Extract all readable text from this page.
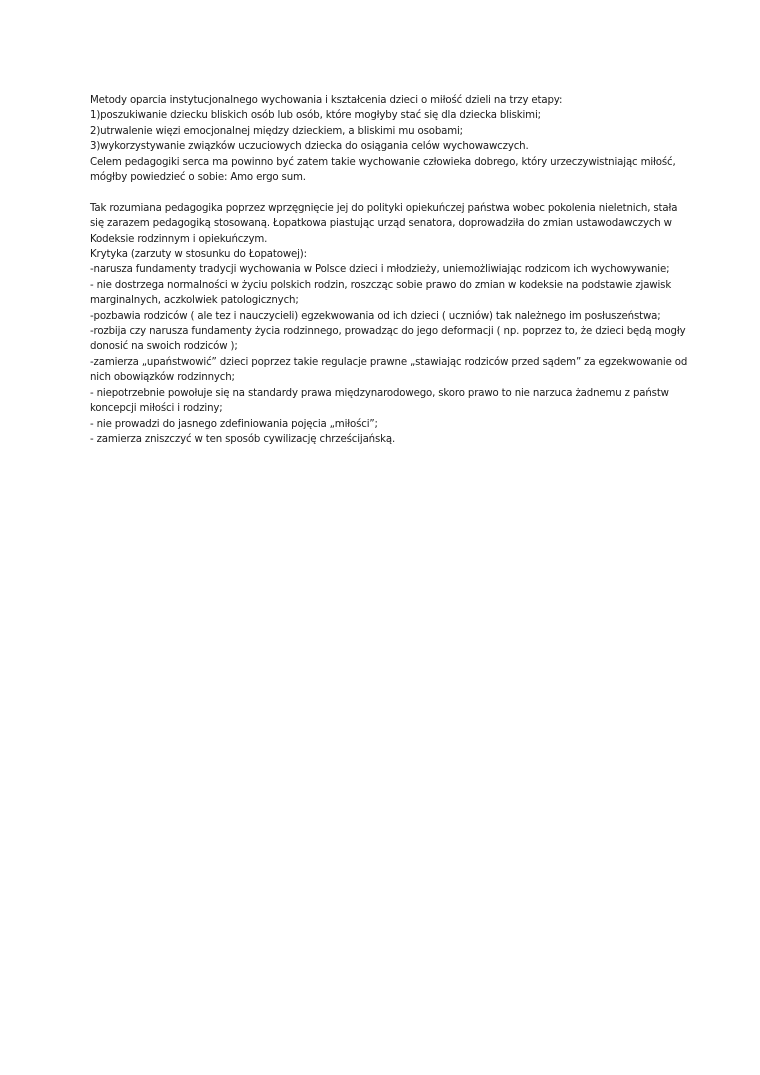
Metody oparcia instytucjonalnego wychowania i kształcenia dzieci o miłość dzieli na trzy etapy:
1)poszukiwanie dziecku bliskich osób lub osób, które mogłyby stać się dla dziecka bliskimi;
2)utrwalenie więzi emocjonalnej między dzieckiem, a bliskimi mu osobami;
3)wykorzystywanie związków uczuciowych dziecka do osiągania celów wychowawczych.
Celem pedagogiki serca ma powinno być zatem takie wychowanie człowieka dobrego, który urzeczywistniając miłość,
mógłby powiedzieć o sobie: Amo ergo sum.
Tak rozumiana pedagogika poprzez wprzęgnięcie jej do polityki opiekuńczej państwa wobec pokolenia nieletnich, stała
się zarazem pedagogiką stosowaną. Łopatkowa piastując urząd senatora, doprowadziła do zmian ustawodawczych w
Kodeksie rodzinnym i opiekuńczym.
Krytyka (zarzuty w stosunku do Łopatowej):
-narusza fundamenty tradycji wychowania w Polsce dzieci i młodzieży, uniemożliwiając rodzicom ich wychowywanie;
- nie dostrzega normalności w życiu polskich rodzin, roszcząc sobie prawo do zmian w kodeksie na podstawie zjawisk
marginalnych, aczkolwiek patologicznych;
-pozbawia rodziców ( ale tez i nauczycieli) egzekwowania od ich dzieci ( uczniów) tak należnego im posłuszeństwa;
-rozbija czy narusza fundamenty życia rodzinnego, prowadząc do jego deformacji ( np. poprzez to, że dzieci będą mogły
donosić na swoich rodziców );
-zamierza „upaństwowić” dzieci poprzez takie regulacje prawne „stawiając rodziców przed sądem” za egzekwowanie od
nich obowiązków rodzinnych;
- niepotrzebnie powołuje się na standardy prawa międzynarodowego, skoro prawo to nie narzuca żadnemu z państw
koncepcji miłości i rodziny;
- nie prowadzi do jasnego zdefiniowania pojęcia „miłości”;
- zamierza zniszczyć w ten sposób cywilizację chrześcijańską.
